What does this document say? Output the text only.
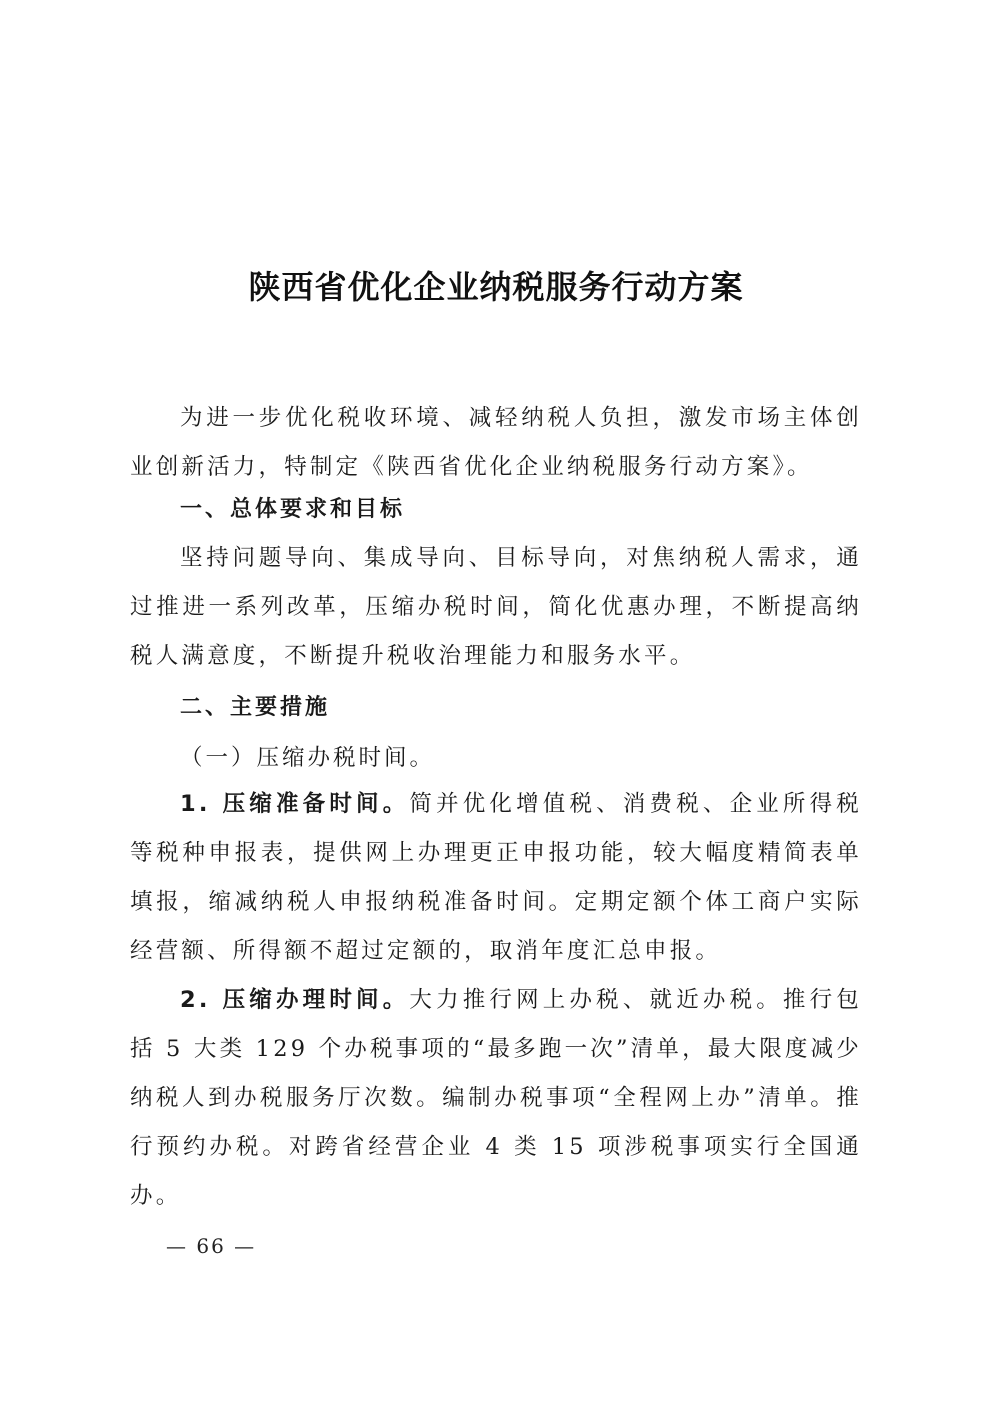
陕西省优化企业纳税服务行动方案
为进一步优化税收环境、减轻纳税人负担，激发市场主体创业创新活力，特制定《陕西省优化企业纳税服务行动方案》。
一、总体要求和目标
坚持问题导向、集成导向、目标导向，对焦纳税人需求，通过推进一系列改革，压缩办税时间，简化优惠办理，不断提高纳税人满意度，不断提升税收治理能力和服务水平。
二、主要措施
（一）压缩办税时间。
1. 压缩准备时间。简并优化增值税、消费税、企业所得税等税种申报表，提供网上办理更正申报功能，较大幅度精简表单填报，缩减纳税人申报纳税准备时间。定期定额个体工商户实际经营额、所得额不超过定额的，取消年度汇总申报。
2. 压缩办理时间。大力推行网上办税、就近办税。推行包括 5 大类 129 个办税事项的“最多跑一次”清单，最大限度减少纳税人到办税服务厅次数。编制办税事项“全程网上办”清单。推行预约办税。对跨省经营企业 4 类 15 项涉税事项实行全国通办。
— 66 —
